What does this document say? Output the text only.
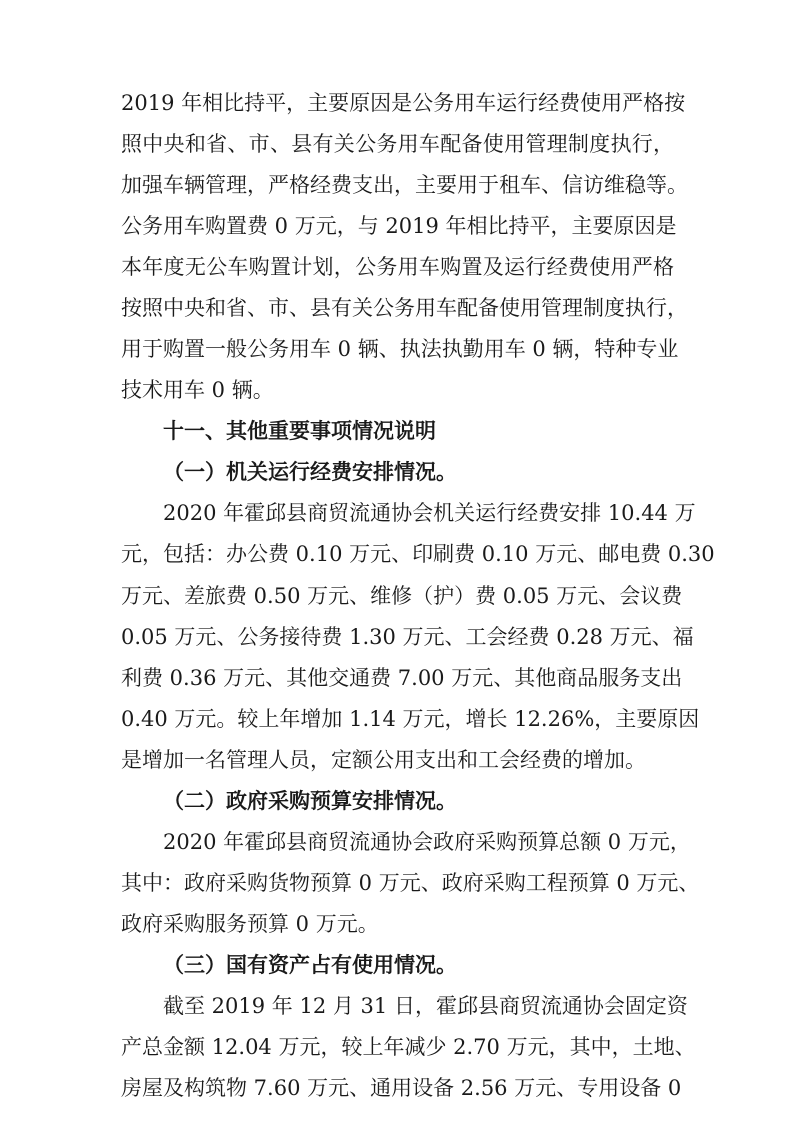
2019 年相比持平，主要原因是公务用车运行经费使用严格按
照中央和省、市、县有关公务用车配备使用管理制度执行，
加强车辆管理，严格经费支出，主要用于租车、信访维稳等。
公务用车购置费 0 万元，与 2019 年相比持平，主要原因是
本年度无公车购置计划，公务用车购置及运行经费使用严格
按照中央和省、市、县有关公务用车配备使用管理制度执行，
用于购置一般公务用车 0 辆、执法执勤用车 0 辆，特种专业
技术用车 0 辆。
十一、其他重要事项情况说明
（一）机关运行经费安排情况。
2020 年霍邱县商贸流通协会机关运行经费安排 10.44 万
元，包括：办公费 0.10 万元、印刷费 0.10 万元、邮电费 0.30
万元、差旅费 0.50 万元、维修（护）费 0.05 万元、会议费
0.05 万元、公务接待费 1.30 万元、工会经费 0.28 万元、福
利费 0.36 万元、其他交通费 7.00 万元、其他商品服务支出
0.40 万元。较上年增加 1.14 万元，增长 12.26%，主要原因
是增加一名管理人员，定额公用支出和工会经费的增加。
（二）政府采购预算安排情况。
2020 年霍邱县商贸流通协会政府采购预算总额 0 万元，
其中：政府采购货物预算 0 万元、政府采购工程预算 0 万元、
政府采购服务预算 0 万元。
（三）国有资产占有使用情况。
截至 2019 年 12 月 31 日，霍邱县商贸流通协会固定资
产总金额 12.04 万元，较上年减少 2.70 万元，其中，土地、
房屋及构筑物 7.60 万元、通用设备 2.56 万元、专用设备 0
